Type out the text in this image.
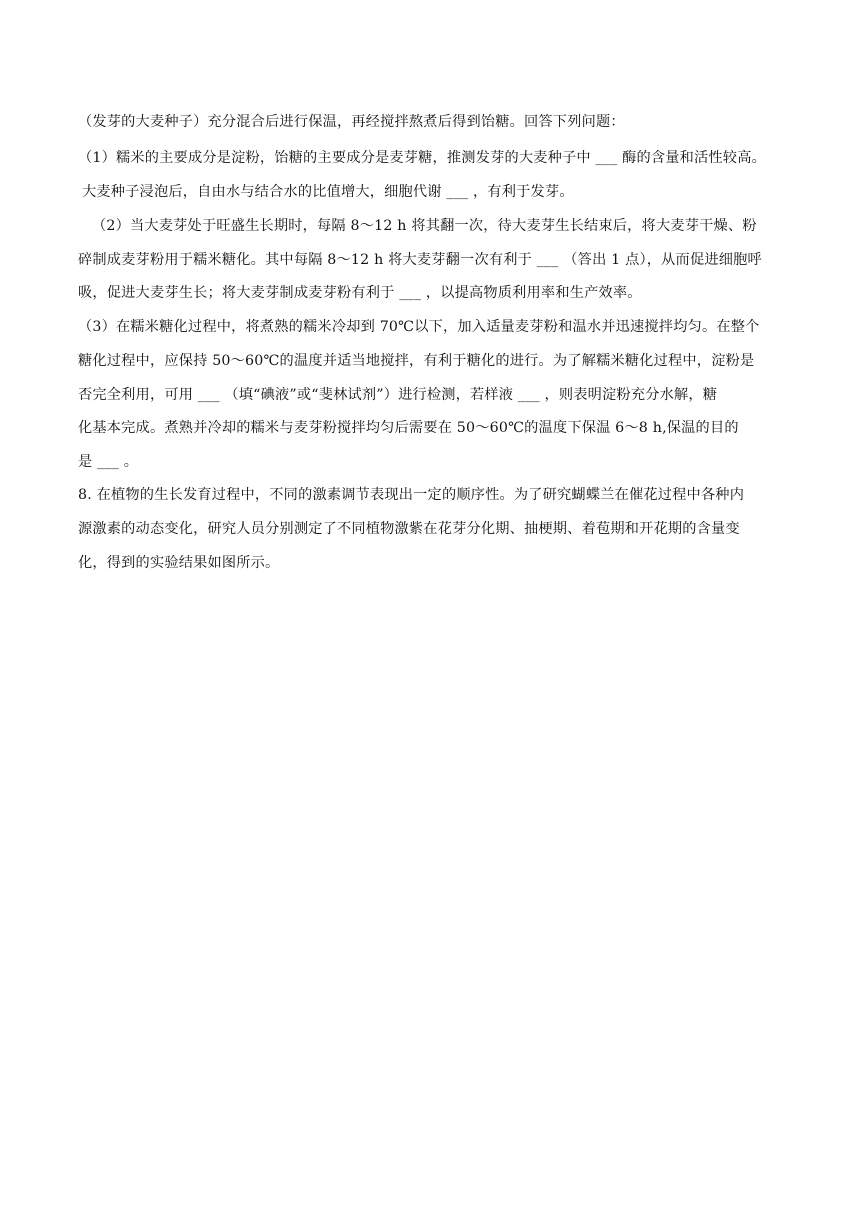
（发芽的大麦种子）充分混合后进行保温，再经搅拌熬煮后得到饴糖。回答下列问题：
（1）糯米的主要成分是淀粉，饴糖的主要成分是麦芽糖，推测发芽的大麦种子中 ___ 酶的含量和活性较高。
大麦种子浸泡后，自由水与结合水的比值增大，细胞代谢 ___ ，有利于发芽。
（2）当大麦芽处于旺盛生长期时，每隔 8～12 h 将其翻一次，待大麦芽生长结束后，将大麦芽干燥、粉
碎制成麦芽粉用于糯米糖化。其中每隔 8～12 h 将大麦芽翻一次有利于 ___ （答出 1 点），从而促进细胞呼
吸，促进大麦芽生长；将大麦芽制成麦芽粉有利于 ___ ，以提高物质利用率和生产效率。
（3）在糯米糖化过程中，将煮熟的糯米冷却到 70℃以下，加入适量麦芽粉和温水并迅速搅拌均匀。在整个
糖化过程中，应保持 50～60℃的温度并适当地搅拌，有利于糖化的进行。为了解糯米糖化过程中，淀粉是
否完全利用，可用 ___ （填“碘液”或“斐林试剂”）进行检测，若样液 ___ ，则表明淀粉充分水解，糖
化基本完成。煮熟并冷却的糯米与麦芽粉搅拌均匀后需要在 50～60℃的温度下保温 6～8 h,保温的目的
是 ___ 。
8. 在植物的生长发育过程中，不同的激素调节表现出一定的顺序性。为了研究蝴蝶兰在催花过程中各种内
源激素的动态变化，研究人员分别测定了不同植物激紫在花芽分化期、抽梗期、着苞期和开花期的含量变
化，得到的实验结果如图所示。
